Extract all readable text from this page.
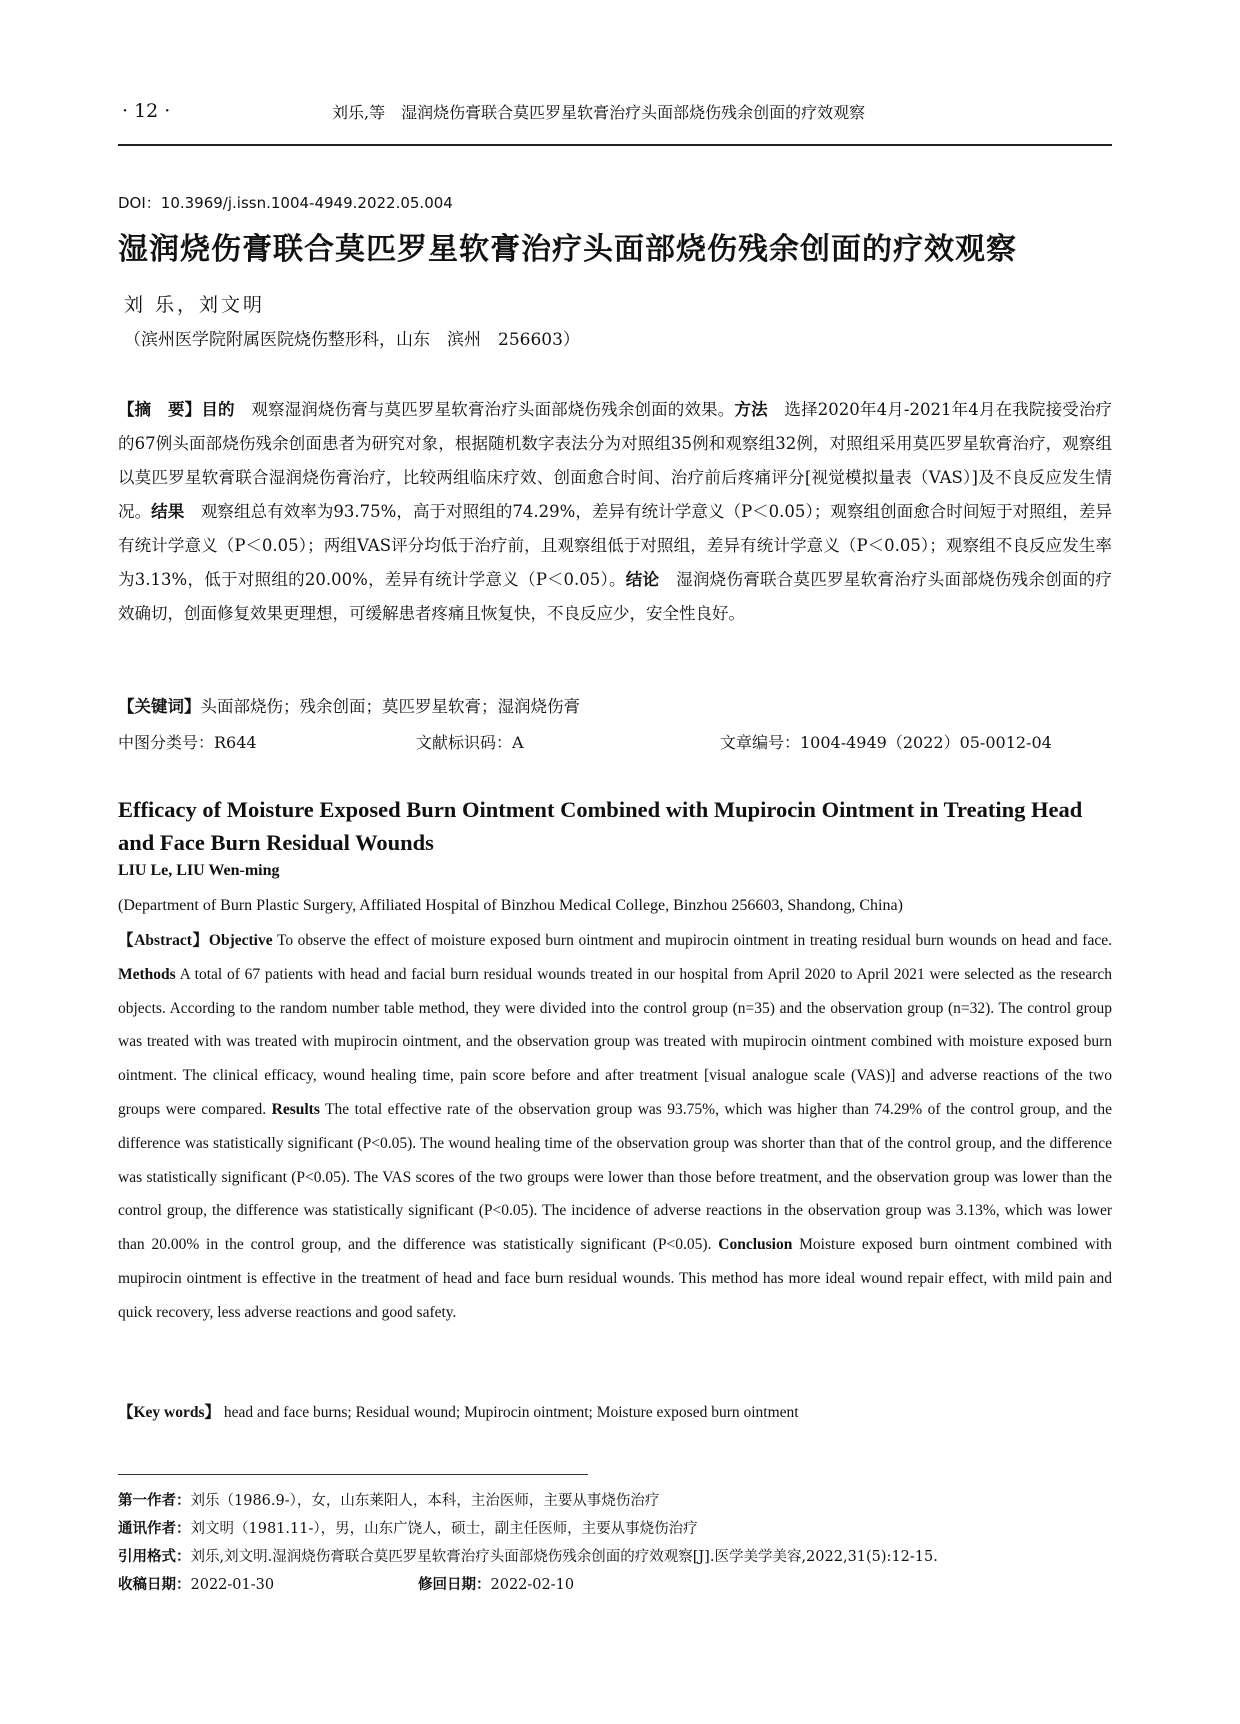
· 12 ·	刘乐,等　湿润烧伤膏联合莫匹罗星软膏治疗头面部烧伤残余创面的疗效观察
DOI：10.3969/j.issn.1004-4949.2022.05.004
湿润烧伤膏联合莫匹罗星软膏治疗头面部烧伤残余创面的疗效观察
刘 乐，刘文明
（滨州医学院附属医院烧伤整形科，山东　滨州　256603）
【摘　要】目的　 观察湿润烧伤膏与莫匹罗星软膏治疗头面部烧伤残余创面的效果。方法　 选择2020年4月-2021年4月在我院接受治疗的67例头面部烧伤残余创面患者为研究对象，根据随机数字表法分为对照组35例和观察组32例，对照组采用莫匹罗星软膏治疗，观察组以莫匹罗星软膏联合湿润烧伤膏治疗，比较两组临床疗效、创面愈合时间、治疗前后疼痛评分[视觉模拟量表（VAS）]及不良反应发生情况。结果　 观察组总有效率为93.75%，高于对照组的74.29%，差异有统计学意义（P＜0.05）；观察组创面愈合时间短于对照组，差异有统计学意义（P＜0.05）；两组VAS评分均低于治疗前，且观察组低于对照组，差异有统计学意义（P＜0.05）；观察组不良反应发生率为3.13%，低于对照组的20.00%，差异有统计学意义（P＜0.05）。结论　 湿润烧伤膏联合莫匹罗星软膏治疗头面部烧伤残余创面的疗效确切，创面修复效果更理想，可缓解患者疼痛且恢复快，不良反应少，安全性良好。
【关键词】头面部烧伤；残余创面；莫匹罗星软膏；湿润烧伤膏
中图分类号：R644	文献标识码：A	文章编号：1004-4949（2022）05-0012-04
Efficacy of Moisture Exposed Burn Ointment Combined with Mupirocin Ointment in Treating Head and Face Burn Residual Wounds
LIU Le, LIU Wen-ming
(Department of Burn Plastic Surgery, Affiliated Hospital of Binzhou Medical College, Binzhou 256603, Shandong, China)
【Abstract】Objective To observe the effect of moisture exposed burn ointment and mupirocin ointment in treating residual burn wounds on head and face. Methods A total of 67 patients with head and facial burn residual wounds treated in our hospital from April 2020 to April 2021 were selected as the research objects. According to the random number table method, they were divided into the control group (n=35) and the observation group (n=32). The control group was treated with was treated with mupirocin ointment, and the observation group was treated with mupirocin ointment combined with moisture exposed burn ointment. The clinical efficacy, wound healing time, pain score before and after treatment [visual analogue scale (VAS)] and adverse reactions of the two groups were compared. Results The total effective rate of the observation group was 93.75%, which was higher than 74.29% of the control group, and the difference was statistically significant (P<0.05). The wound healing time of the observation group was shorter than that of the control group, and the difference was statistically significant (P<0.05). The VAS scores of the two groups were lower than those before treatment, and the observation group was lower than the control group, the difference was statistically significant (P<0.05). The incidence of adverse reactions in the observation group was 3.13%, which was lower than 20.00% in the control group, and the difference was statistically significant (P<0.05). Conclusion Moisture exposed burn ointment combined with mupirocin ointment is effective in the treatment of head and face burn residual wounds. This method has more ideal wound repair effect, with mild pain and quick recovery, less adverse reactions and good safety.
【Key words】 head and face burns; Residual wound; Mupirocin ointment; Moisture exposed burn ointment
第一作者：刘乐（1986.9-），女，山东莱阳人，本科，主治医师，主要从事烧伤治疗
通讯作者：刘文明（1981.11-），男，山东广饶人，硕士，副主任医师，主要从事烧伤治疗
引用格式：刘乐,刘文明.湿润烧伤膏联合莫匹罗星软膏治疗头面部烧伤残余创面的疗效观察[J].医学美学美容,2022,31(5):12-15.
收稿日期：2022-01-30	修回日期：2022-02-10
